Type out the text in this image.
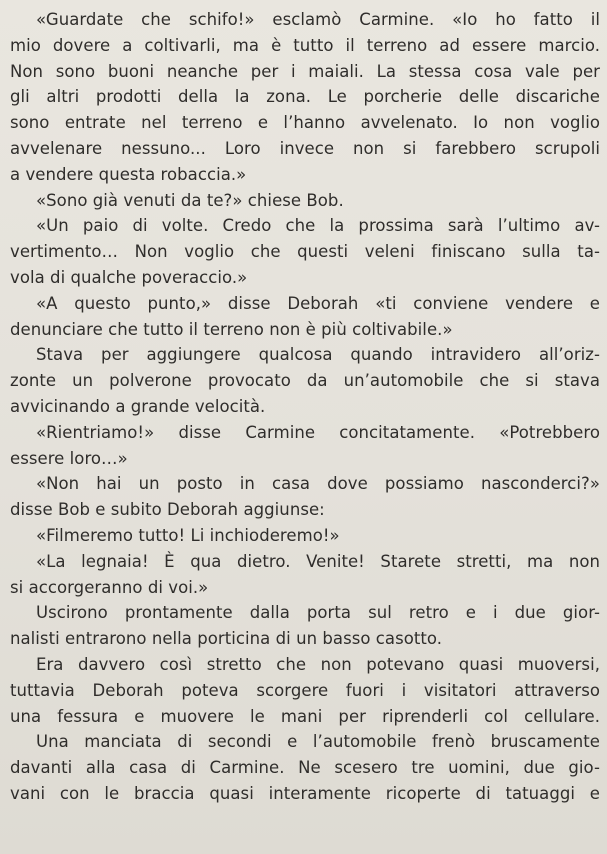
«Guardate che schifo!» esclamò Carmine. «Io ho fatto il
mio dovere a coltivarli, ma è tutto il terreno ad essere marcio.
Non sono buoni neanche per i maiali. La stessa cosa vale per
gli altri prodotti della la zona. Le porcherie delle discariche
sono entrate nel terreno e l’hanno avvelenato. Io non voglio
avvelenare nessuno... Loro invece non si farebbero scrupoli
a vendere questa robaccia.»
«Sono già venuti da te?» chiese Bob.
«Un paio di volte. Credo che la prossima sarà l’ultimo av-
vertimento… Non voglio che questi veleni finiscano sulla ta-
vola di qualche poveraccio.»
«A questo punto,» disse Deborah «ti conviene vendere e
denunciare che tutto il terreno non è più coltivabile.»
Stava per aggiungere qualcosa quando intravidero all’oriz-
zonte un polverone provocato da un’automobile che si stava
avvicinando a grande velocità.
«Rientriamo!» disse Carmine concitatamente. «Potrebbero
essere loro…»
«Non hai un posto in casa dove possiamo nasconderci?»
disse Bob e subito Deborah aggiunse:
«Filmeremo tutto! Li inchioderemo!»
«La legnaia! È qua dietro. Venite! Starete stretti, ma non
si accorgeranno di voi.»
Uscirono prontamente dalla porta sul retro e i due gior-
nalisti entrarono nella porticina di un basso casotto.
Era davvero così stretto che non potevano quasi muoversi,
tuttavia Deborah poteva scorgere fuori i visitatori attraverso
una fessura e muovere le mani per riprenderli col cellulare.
Una manciata di secondi e l’automobile frenò bruscamente
davanti alla casa di Carmine. Ne scesero tre uomini, due gio-
vani con le braccia quasi interamente ricoperte di tatuaggi e
